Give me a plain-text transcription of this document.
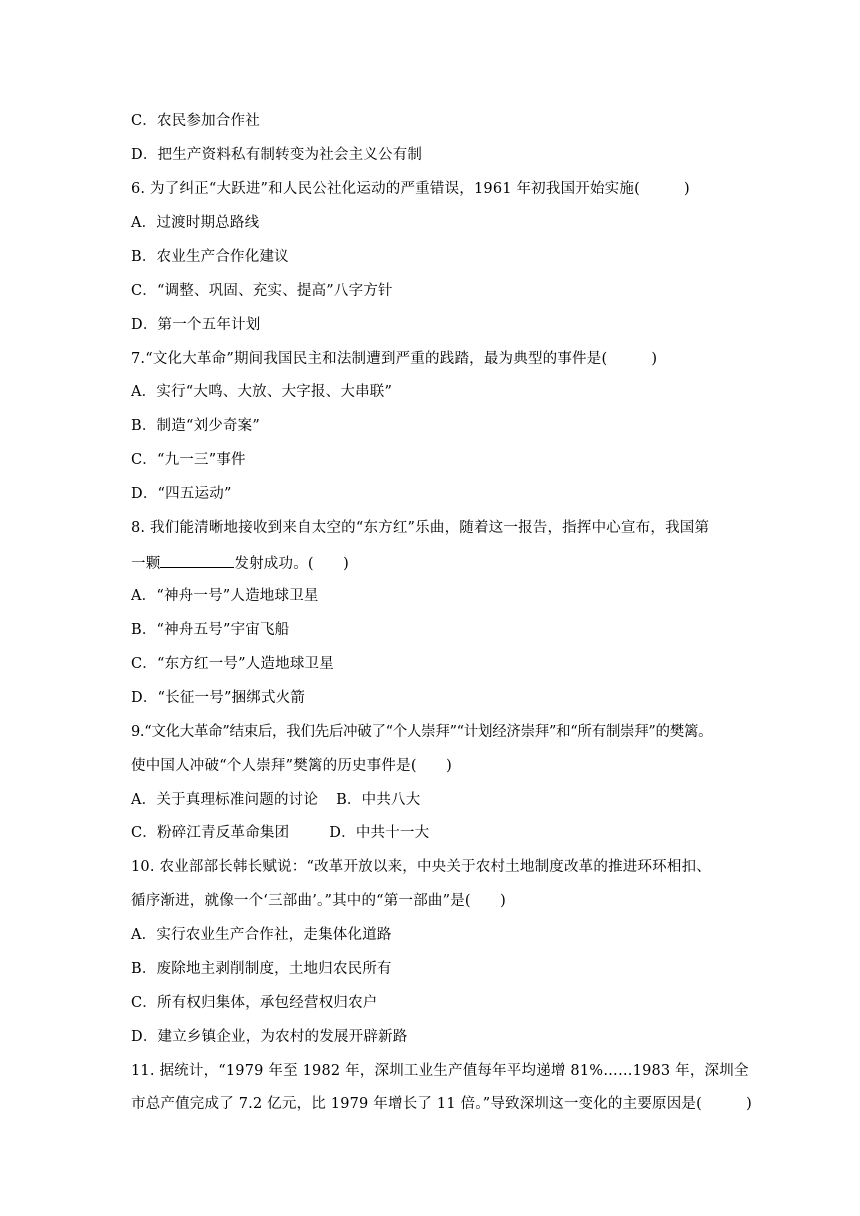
C．农民参加合作社
D．把生产资料私有制转变为社会主义公有制
6. 为了纠正“大跃进”和人民公社化运动的严重错误，1961 年初我国开始实施(　　　)
A．过渡时期总路线
B．农业生产合作化建议
C．“调整、巩固、充实、提高”八字方针
D．第一个五年计划
7.“文化大革命”期间我国民主和法制遭到严重的践踏，最为典型的事件是(　　　)
A．实行“大鸣、大放、大字报、大串联”
B．制造“刘少奇案”
C．“九一三”事件
D．“四五运动”
8. 我们能清晰地接收到来自太空的“东方红”乐曲，随着这一报告，指挥中心宣布，我国第
一颗	发射成功。(　　)
A．“神舟一号”人造地球卫星
B．“神舟五号”宇宙飞船
C．“东方红一号”人造地球卫星
D．“长征一号”捆绑式火箭
9.“文化大革命”结束后，我们先后冲破了“个人崇拜”“计划经济崇拜”和“所有制崇拜”的樊篱。
使中国人冲破“个人崇拜”樊篱的历史事件是(　　)
A．关于真理标准问题的讨论 B．中共八大
C．粉碎江青反革命集团	D．中共十一大
10. 农业部部长韩长赋说：“改革开放以来，中央关于农村土地制度改革的推进环环相扣、
循序渐进，就像一个‘三部曲’。”其中的“第一部曲”是(　　)
A．实行农业生产合作社，走集体化道路
B．废除地主剥削制度，土地归农民所有
C．所有权归集体，承包经营权归农户
D．建立乡镇企业，为农村的发展开辟新路
11. 据统计，“1979 年至 1982 年，深圳工业生产值每年平均递增 81%……1983 年，深圳全
市总产值完成了 7.2 亿元，比 1979 年增长了 11 倍。”导致深圳这一变化的主要原因是(　　　)
